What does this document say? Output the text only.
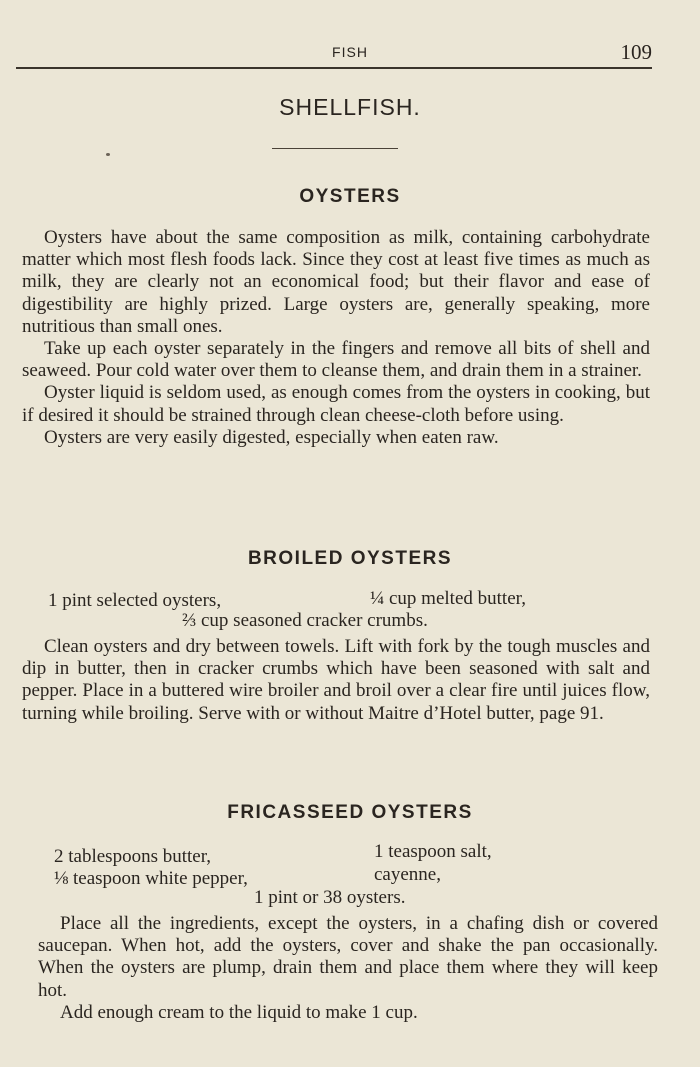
FISH	109
SHELLFISH.
OYSTERS

Oysters have about the same composition as milk, containing carbohydrate matter which most flesh foods lack. Since they cost at least five times as much as milk, they are clearly not an economical food; but their flavor and ease of digestibility are highly prized. Large oysters are, generally speaking, more nutritious than small ones.

Take up each oyster separately in the fingers and remove all bits of shell and seaweed. Pour cold water over them to cleanse them, and drain them in a strainer.

Oyster liquid is seldom used, as enough comes from the oysters in cooking, but if desired it should be strained through clean cheese-cloth before using.

Oysters are very easily digested, especially when eaten raw.

BROILED OYSTERS
1 pint selected oysters,	¼ cup melted butter,
⅔ cup seasoned cracker crumbs.

Clean oysters and dry between towels. Lift with fork by the tough muscles and dip in butter, then in cracker crumbs which have been seasoned with salt and pepper. Place in a buttered wire broiler and broil over a clear fire until juices flow, turning while broiling. Serve with or without Maitre d’Hotel butter, page 91.

FRICASSEED OYSTERS
2 tablespoons butter,	1 teaspoon salt,
⅛ teaspoon white pepper,	cayenne,
1 pint or 38 oysters.

Place all the ingredients, except the oysters, in a chafing dish or covered saucepan. When hot, add the oysters, cover and shake the pan occasionally. When the oysters are plump, drain them and place them where they will keep hot.

Add enough cream to the liquid to make 1 cup.
